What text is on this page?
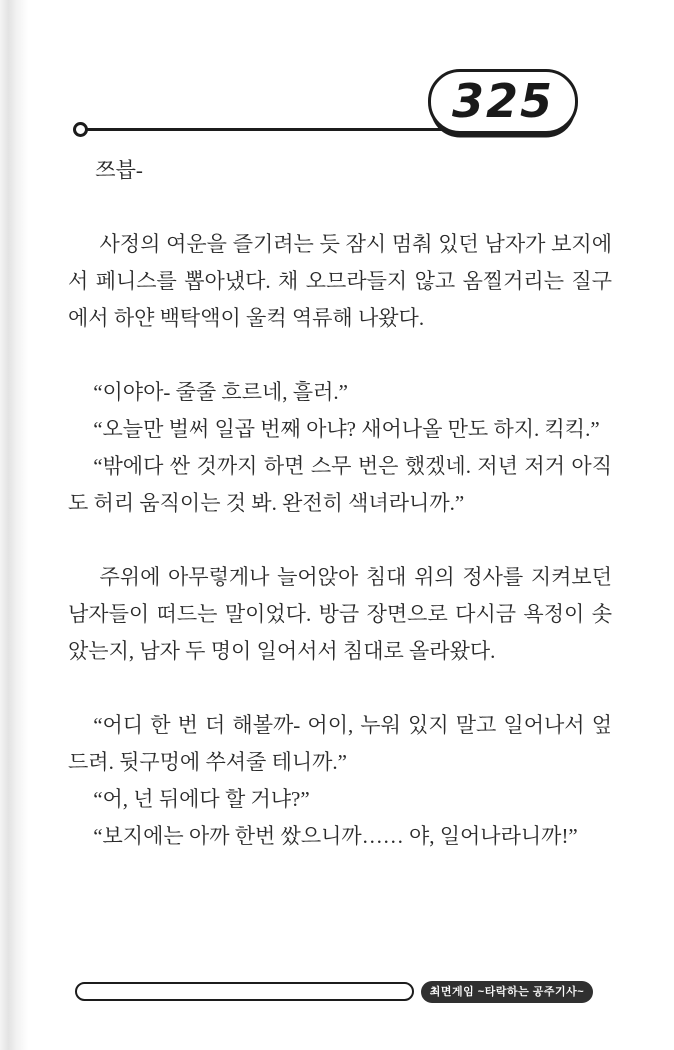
325

쯔븝-

사정의 여운을 즐기려는 듯 잠시 멈춰 있던 남자가 보지에서 페니스를 뽑아냈다. 채 오므라들지 않고 옴찔거리는 질구에서 하얀 백탁액이 울컥 역류해 나왔다.

“이야아- 줄줄 흐르네, 흘러.”

“오늘만 벌써 일곱 번째 아냐? 새어나올 만도 하지. 킥킥.”

“밖에다 싼 것까지 하면 스무 번은 했겠네. 저년 저거 아직도 허리 움직이는 것 봐. 완전히 색녀라니까.”

주위에 아무렇게나 늘어앉아 침대 위의 정사를 지켜보던 남자들이 떠드는 말이었다. 방금 장면으로 다시금 욕정이 솟았는지, 남자 두 명이 일어서서 침대로 올라왔다.

“어디 한 번 더 해볼까- 어이, 누워 있지 말고 일어나서 엎드려. 뒷구멍에 쑤셔줄 테니까.”

“어, 넌 뒤에다 할 거냐?”

“보지에는 아까 한번 쌌으니까…… 야, 일어나라니까!”

최면게임 ~타락하는 공주기사~
